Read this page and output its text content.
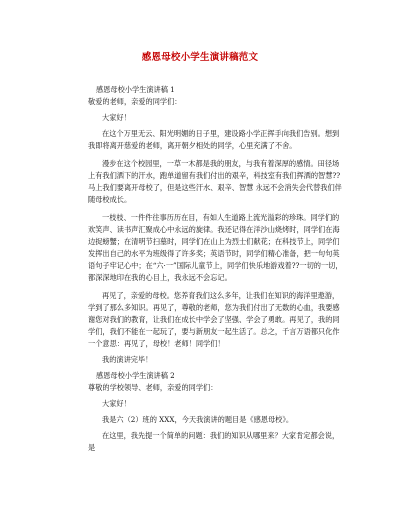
感恩母校小学生演讲稿范文
感恩母校小学生演讲稿 1
敬爱的老师，亲爱的同学们：
大家好！
在这个万里无云、阳光明媚的日子里，建设路小学正挥手向我们告别。想到我即将离开慈爱的老师，离开朝夕相处的同学，心里充满了不舍。
漫步在这个校园里，一草一木都是我的朋友，与我有着深厚的感情。田径场上有我们洒下的汗水，跑单道留有我们付出的艰辛，科技室有我们挥洒的智慧??马上我们要离开母校了，但是这些汗水、艰辛、智慧 永远不会消失会代替我们伴随母校成长。
一枝枝、一件件往事历历在目，有如人生道路上流光溢彩的珍珠。同学们的欢笑声、读书声汇聚成心中永远的旋律。我还记得在洋沙山烧烤时，同学们在海边捉螃蟹；在清明节扫墓时，同学们在山上为烈士们献花；在科技节上，同学们发挥出自己的水平为班级得了许多奖；英语节时，同学们精心准备，把一句句英语句子牢记心中；在“六·一”国际儿童节上，同学们快乐地游戏着??一切的一切，都深深地印在我的心目上，我永远不会忘记。
再见了，亲爱的母校。您养育我们这么多年，让我们在知识的海洋里遨游，学到了那么多知识。再见了，尊敬的老师，您为我们付出了无数的心血，我要感谢您对我们的教育，让我们在成长中学会了坚强、学会了勇敢。再见了，我的同学们，我们不能在一起玩了，要与新朋友一起生活了。总之，千言万语都只化作一个意思：再见了，母校！老师！同学们！
我的演讲完毕！
感恩母校小学生演讲稿 2
尊敬的学校领导、老师，亲爱的同学们：
大家好！
我是六（2）班的 XXX，今天我演讲的题目是《感恩母校》。
在这里，我先提一个简单的问题：我们的知识从哪里来？大家肯定都会说，是
